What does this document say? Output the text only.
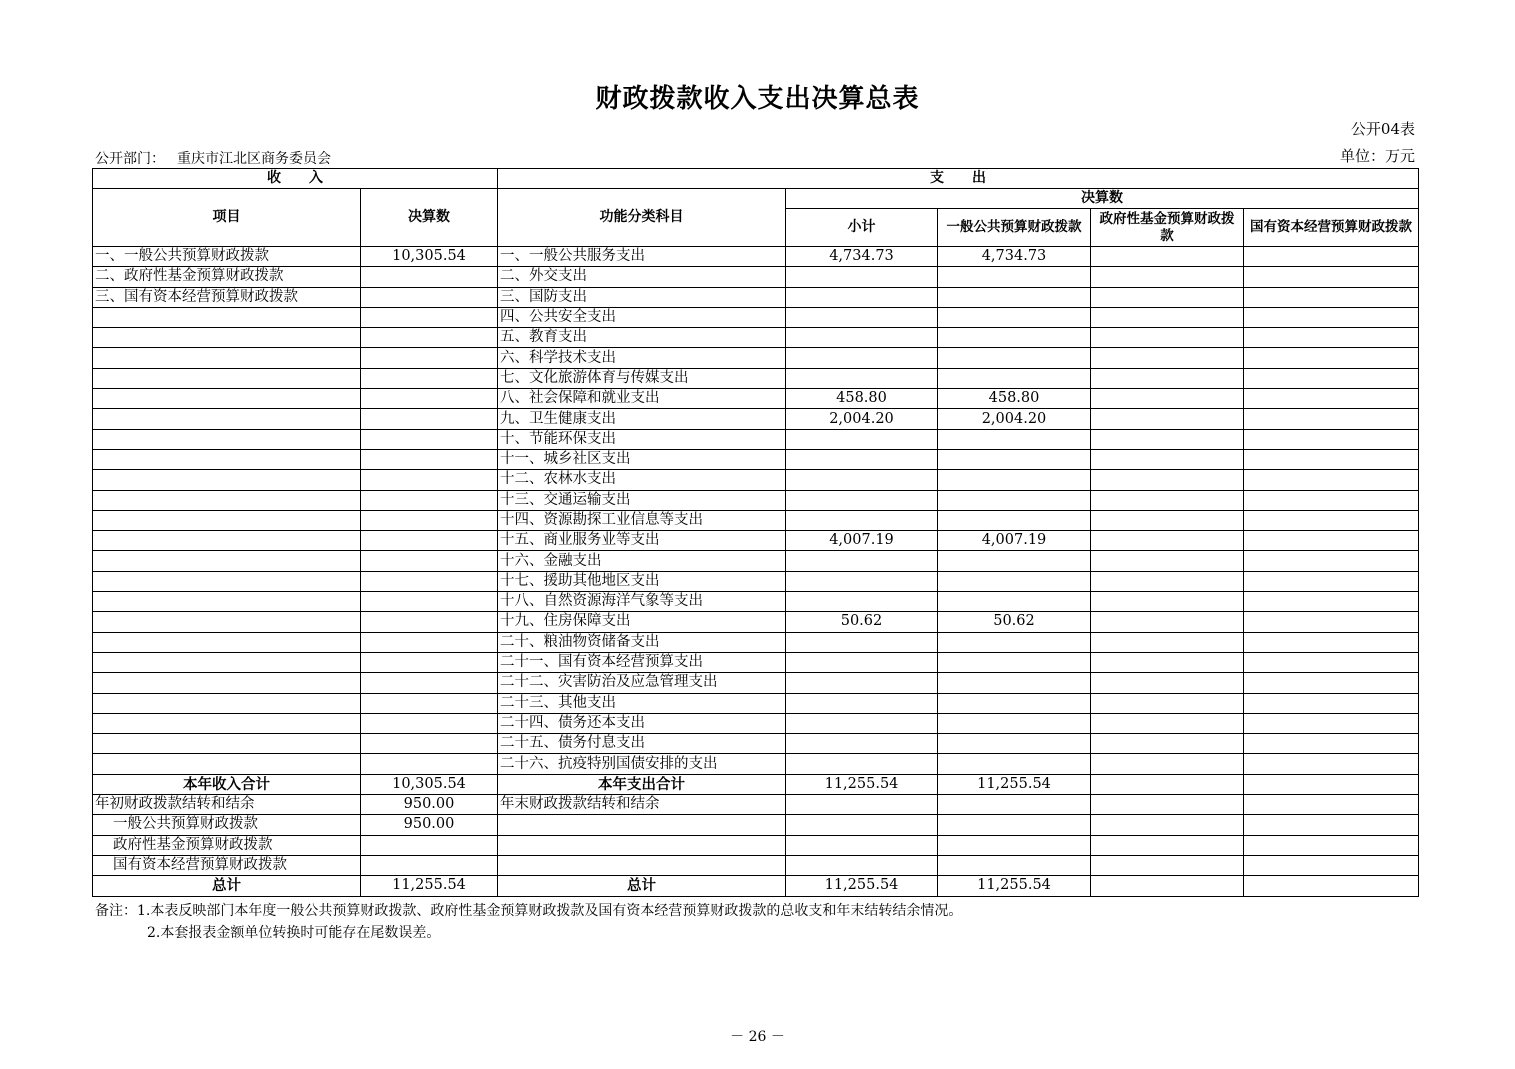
财政拨款收入支出决算总表
公开04表
公开部门： 重庆市江北区商务委员会	单位：万元
收　　入		支　　出				
项目	决算数	功能分类科目	决算数			
			小计	一般公共预算财政拨款	政府性基金预算财政拨款	国有资本经营预算财政拨款
一、一般公共预算财政拨款	10,305.54	一、一般公共服务支出	4,734.73	4,734.73		
二、政府性基金预算财政拨款		二、外交支出				
三、国有资本经营预算财政拨款		三、国防支出				
		四、公共安全支出				
		五、教育支出				
		六、科学技术支出				
		七、文化旅游体育与传媒支出				
		八、社会保障和就业支出	458.80	458.80		
		九、卫生健康支出	2,004.20	2,004.20		
		十、节能环保支出				
		十一、城乡社区支出				
		十二、农林水支出				
		十三、交通运输支出				
		十四、资源勘探工业信息等支出				
		十五、商业服务业等支出	4,007.19	4,007.19		
		十六、金融支出				
		十七、援助其他地区支出				
		十八、自然资源海洋气象等支出				
		十九、住房保障支出	50.62	50.62		
		二十、粮油物资储备支出				
		二十一、国有资本经营预算支出				
		二十二、灾害防治及应急管理支出				
		二十三、其他支出				
		二十四、债务还本支出				
		二十五、债务付息支出				
		二十六、抗疫特别国债安排的支出				
本年收入合计	10,305.54	本年支出合计	11,255.54	11,255.54		
年初财政拨款结转和结余	950.00	年末财政拨款结转和结余				
一般公共预算财政拨款	950.00					
政府性基金预算财政拨款						
国有资本经营预算财政拨款						
总计	11,255.54	总计	11,255.54	11,255.54		
备注：1.本表反映部门本年度一般公共预算财政拨款、政府性基金预算财政拨款及国有资本经营预算财政拨款的总收支和年末结转结余情况。
2.本套报表金额单位转换时可能存在尾数误差。
－ 26 －
